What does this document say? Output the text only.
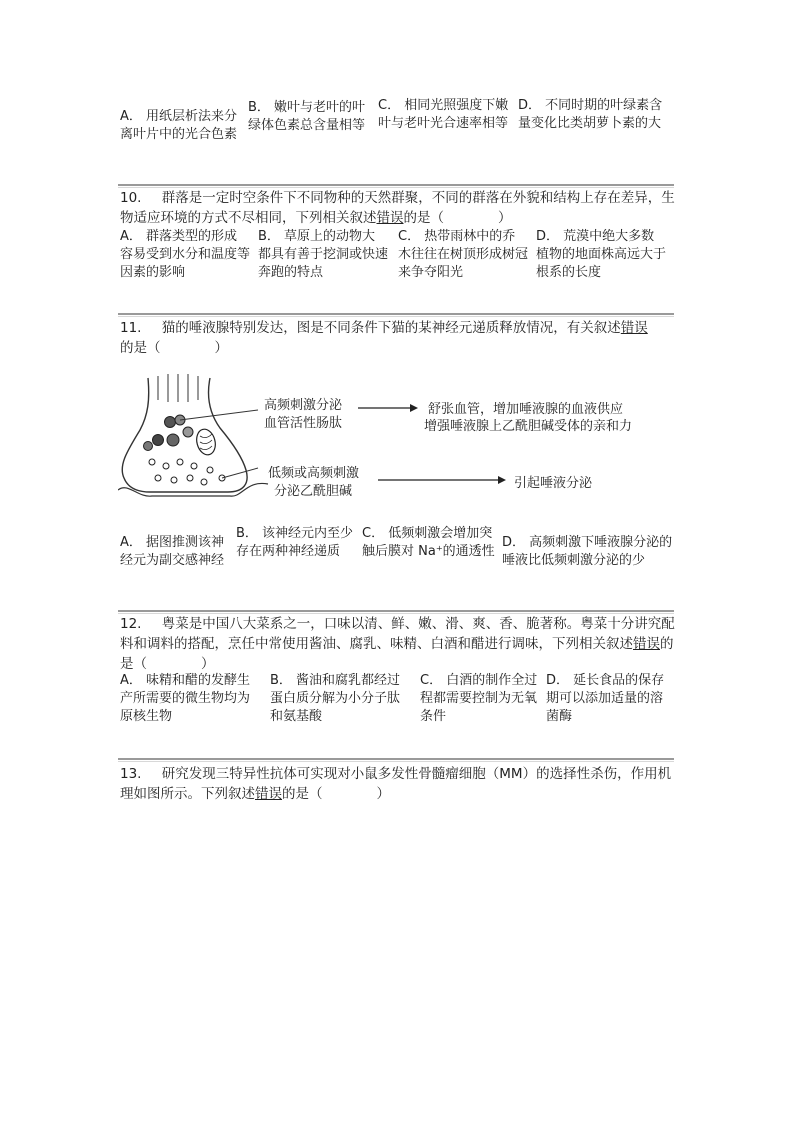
A． 用纸层析法来分离叶片中的光合色素
B． 嫩叶与老叶的叶绿体色素总含量相等
C． 相同光照强度下嫩叶与老叶光合速率相等
D． 不同时期的叶绿素含量变化比类胡萝卜素的大
10. 群落是一定时空条件下不同物种的天然群聚，不同的群落在外貌和结构上存在差异，生物适应环境的方式不尽相同，下列相关叙述错误的是（　　　　）
A． 群落类型的形成容易受到水分和温度等因素的影响
B． 草原上的动物大都具有善于挖洞或快速奔跑的特点
C． 热带雨林中的乔木往往在树顶形成树冠来争夺阳光
D． 荒漠中绝大多数植物的地面株高远大于根系的长度
11. 猫的唾液腺特别发达，图是不同条件下猫的某神经元递质释放情况，有关叙述错误
的是（　　　　）
高频刺激分泌
血管活性肠肽
舒张血管，增加唾液腺的血液供应
增强唾液腺上乙酰胆碱受体的亲和力
低频或高频刺激
分泌乙酰胆碱
引起唾液分泌
A． 据图推测该神经元为副交感神经
B． 该神经元内至少存在两种神经递质
C． 低频刺激会增加突触后膜对 Na⁺的通透性
D． 高频刺激下唾液腺分泌的唾液比低频刺激分泌的少
12. 粤菜是中国八大菜系之一，口味以清、鲜、嫩、滑、爽、香、脆著称。粤菜十分讲究配料和调料的搭配，烹任中常使用酱油、腐乳、味精、白酒和醋进行调味，下列相关叙述错误的是（　　　　）
A． 味精和醋的发酵生产所需要的微生物均为原核生物
B． 酱油和腐乳都经过蛋白质分解为小分子肽和氨基酸
C． 白酒的制作全过程都需要控制为无氧条件
D． 延长食品的保存期可以添加适量的溶菌酶
13. 研究发现三特异性抗体可实现对小鼠多发性骨髓瘤细胞（MM）的选择性杀伤，作用机理如图所示。下列叙述错误的是（　　　　）
